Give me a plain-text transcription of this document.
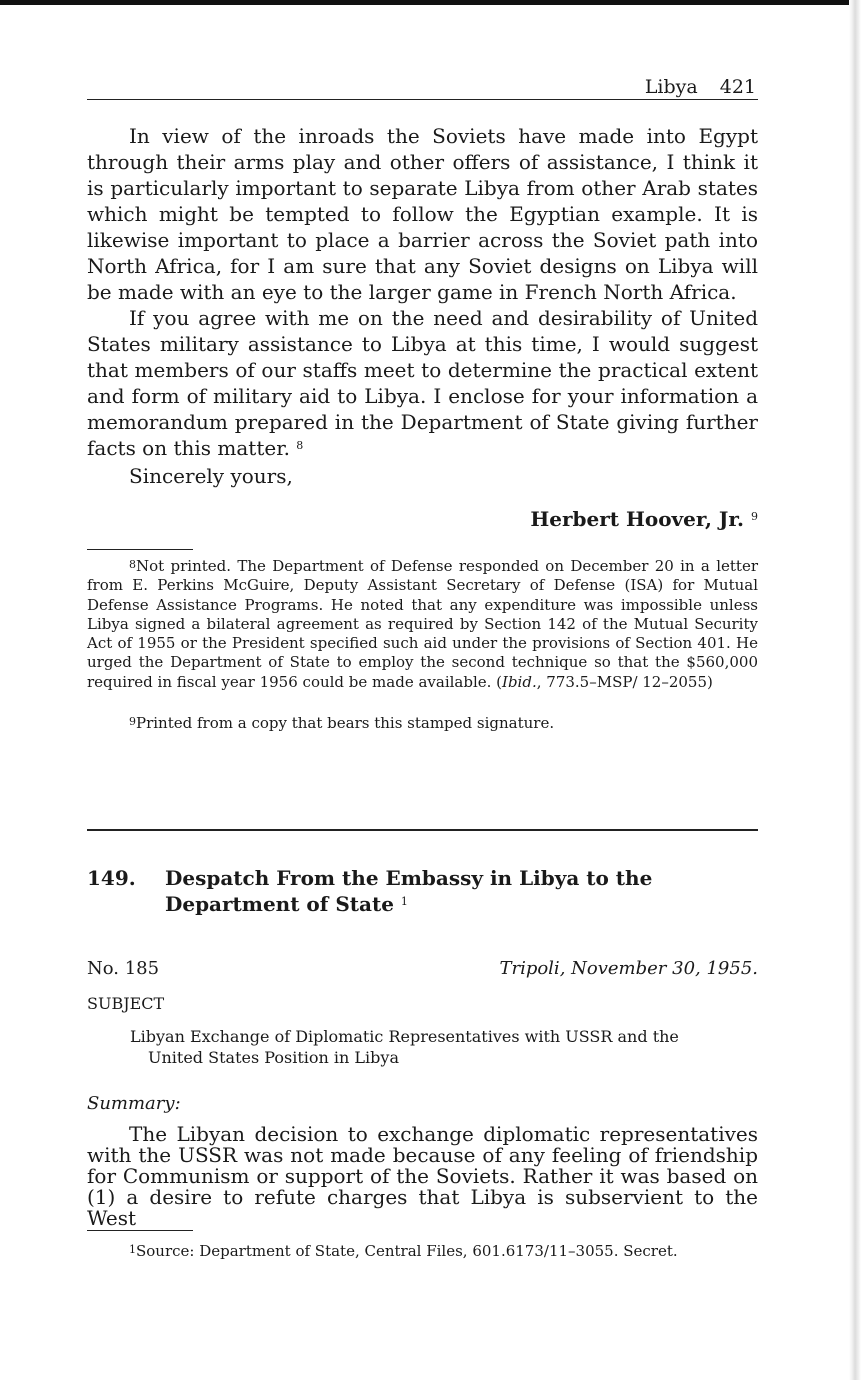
Libya 421

In view of the inroads the Soviets have made into Egypt through their arms play and other offers of assistance, I think it is particularly important to separate Libya from other Arab states which might be tempted to follow the Egyptian example. It is likewise important to place a barrier across the Soviet path into North Africa, for I am sure that any Soviet designs on Libya will be made with an eye to the larger game in French North Africa.

If you agree with me on the need and desirability of United States military assistance to Libya at this time, I would suggest that members of our staffs meet to determine the practical extent and form of military aid to Libya. I enclose for your information a memorandum prepared in the Department of State giving further facts on this matter. $^8$

Sincerely yours,
Herbert Hoover, Jr. $^9$

$^8$Not printed. The Department of Defense responded on December 20 in a letter from E. Perkins McGuire, Deputy Assistant Secretary of Defense (ISA) for Mutual Defense Assistance Programs. He noted that any expenditure was impossible unless Libya signed a bilateral agreement as required by Section 142 of the Mutual Security Act of 1955 or the President specified such aid under the provisions of Section 401. He urged the Department of State to employ the second technique so that the $560,000 required in fiscal year 1956 could be made available. (Ibid., 773.5–MSP/ 12–2055)

$^9$Printed from a copy that bears this stamped signature.

149. Despatch From the Embassy in Libya to the Department of State $^1$
No. 185	Tripoli, November 30, 1955.
SUBJECT
Libyan Exchange of Diplomatic Representatives with USSR and the
United States Position in Libya
Summary:

The Libyan decision to exchange diplomatic representatives with the USSR was not made because of any feeling of friendship for Communism or support of the Soviets. Rather it was based on (1) a desire to refute charges that Libya is subservient to the West

$^1$Source: Department of State, Central Files, 601.6173/11–3055. Secret.
